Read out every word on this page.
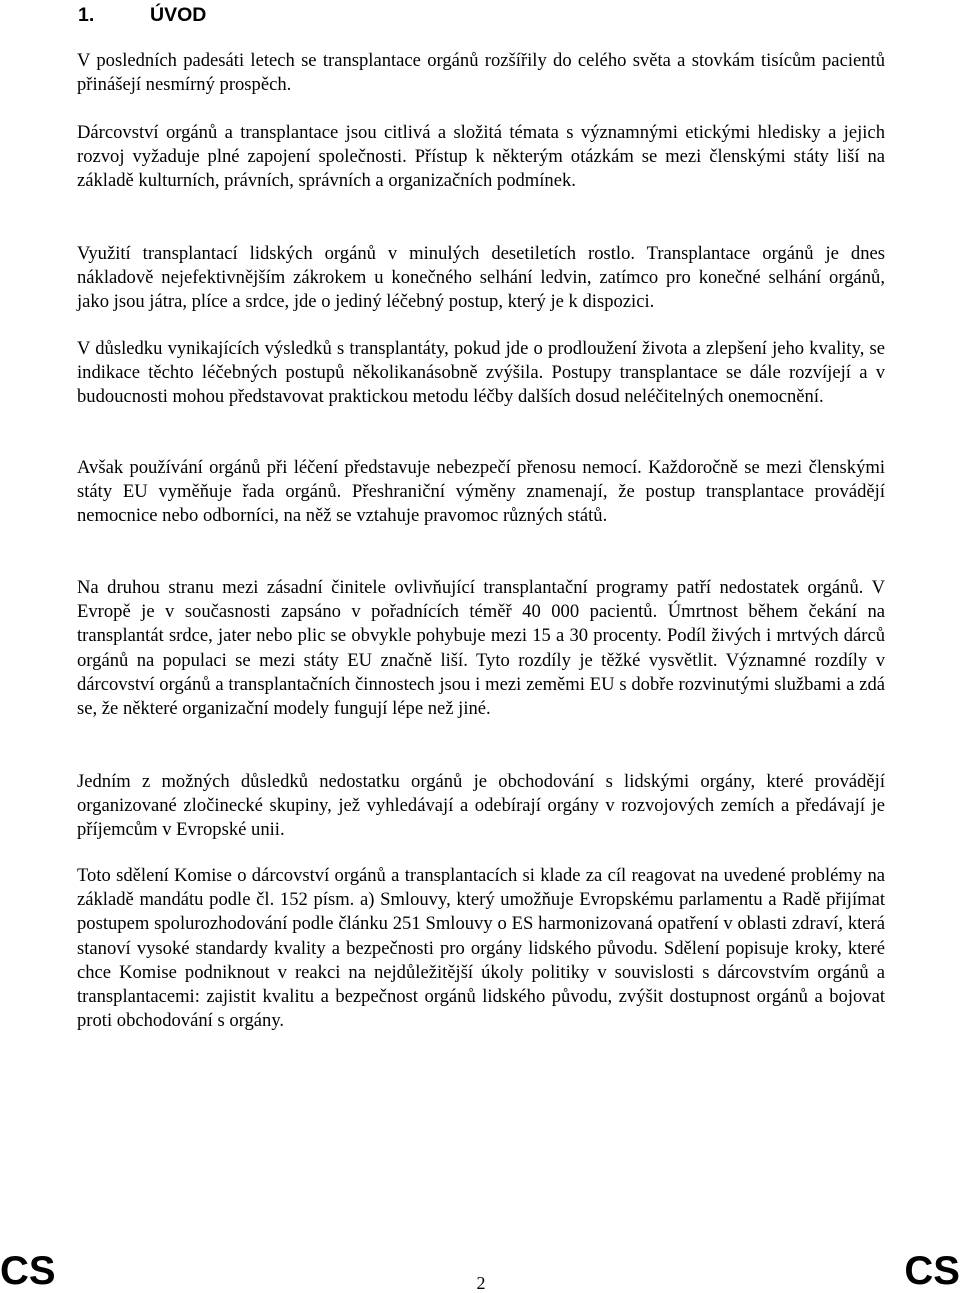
1.	ÚVOD

V posledních padesáti letech se transplantace orgánů rozšířily do celého světa a stovkám tisícům pacientů přinášejí nesmírný prospěch.

Dárcovství orgánů a transplantace jsou citlivá a složitá témata s významnými etickými hledisky a jejich rozvoj vyžaduje plné zapojení společnosti. Přístup k některým otázkám se mezi členskými státy liší na základě kulturních, právních, správních a organizačních podmínek.

Využití transplantací lidských orgánů v minulých desetiletích rostlo. Transplantace orgánů je dnes nákladově nejefektivnějším zákrokem u konečného selhání ledvin, zatímco pro konečné selhání orgánů, jako jsou játra, plíce a srdce, jde o jediný léčebný postup, který je k dispozici.

V důsledku vynikajících výsledků s transplantáty, pokud jde o prodloužení života a zlepšení jeho kvality, se indikace těchto léčebných postupů několikanásobně zvýšila. Postupy transplantace se dále rozvíjejí a v budoucnosti mohou představovat praktickou metodu léčby dalších dosud neléčitelných onemocnění.

Avšak používání orgánů při léčení představuje nebezpečí přenosu nemocí. Každoročně se mezi členskými státy EU vyměňuje řada orgánů. Přeshraniční výměny znamenají, že postup transplantace provádějí nemocnice nebo odborníci, na něž se vztahuje pravomoc různých států.

Na druhou stranu mezi zásadní činitele ovlivňující transplantační programy patří nedostatek orgánů. V Evropě je v současnosti zapsáno v pořadnících téměř 40 000 pacientů. Úmrtnost během čekání na transplantát srdce, jater nebo plic se obvykle pohybuje mezi 15 a 30 procenty. Podíl živých i mrtvých dárců orgánů na populaci se mezi státy EU značně liší. Tyto rozdíly je těžké vysvětlit. Významné rozdíly v dárcovství orgánů a transplantačních činnostech jsou i mezi zeměmi EU s dobře rozvinutými službami a zdá se, že některé organizační modely fungují lépe než jiné.

Jedním z možných důsledků nedostatku orgánů je obchodování s lidskými orgány, které provádějí organizované zločinecké skupiny, jež vyhledávají a odebírají orgány v rozvojových zemích a předávají je příjemcům v Evropské unii.

Toto sdělení Komise o dárcovství orgánů a transplantacích si klade za cíl reagovat na uvedené problémy na základě mandátu podle čl. 152 písm. a) Smlouvy, který umožňuje Evropskému parlamentu a Radě přijímat postupem spolurozhodování podle článku 251 Smlouvy o ES harmonizovaná opatření v oblasti zdraví, která stanoví vysoké standardy kvality a bezpečnosti pro orgány lidského původu. Sdělení popisuje kroky, které chce Komise podniknout v reakci na nejdůležitější úkoly politiky v souvislosti s dárcovstvím orgánů a transplantacemi: zajistit kvalitu a bezpečnost orgánů lidského původu, zvýšit dostupnost orgánů a bojovat proti obchodování s orgány.

CS	2	CS
